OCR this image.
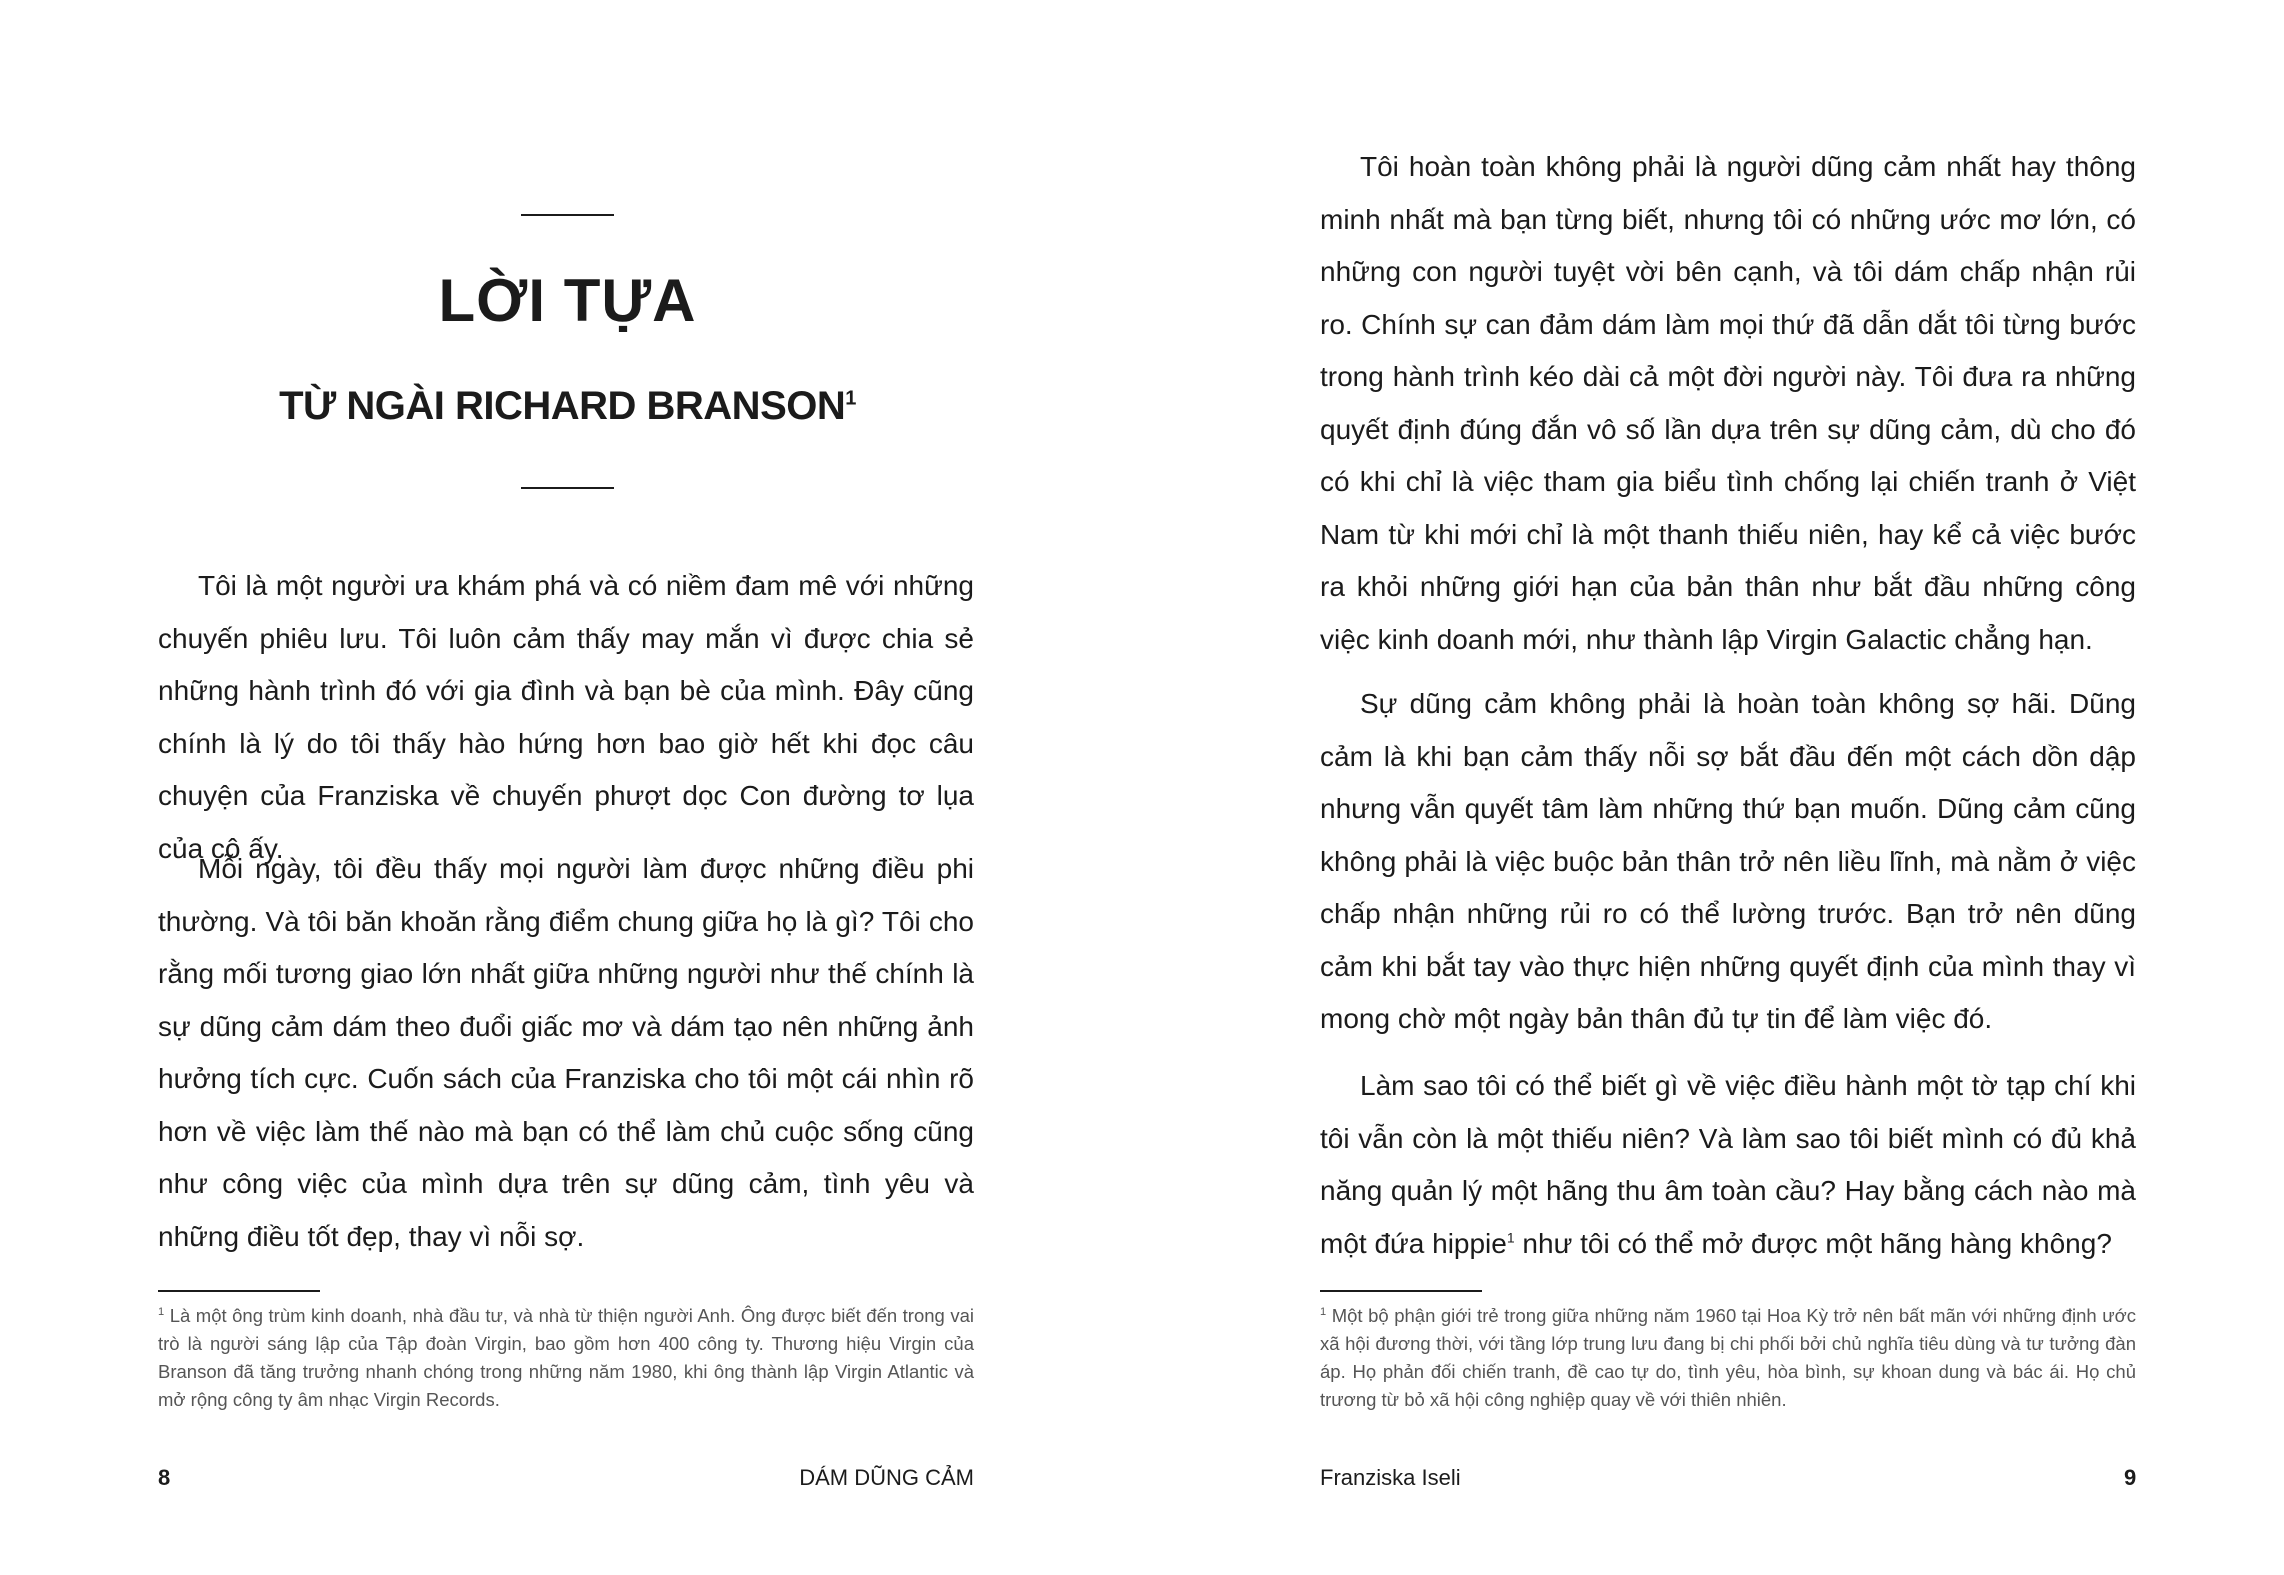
LỜI TỰA
TỪ NGÀI RICHARD BRANSON$^1$

Tôi là một người ưa khám phá và có niềm đam mê với những chuyến phiêu lưu. Tôi luôn cảm thấy may mắn vì được chia sẻ những hành trình đó với gia đình và bạn bè của mình. Đây cũng chính là lý do tôi thấy hào hứng hơn bao giờ hết khi đọc câu chuyện của Franziska về chuyến phượt dọc Con đường tơ lụa của cô ấy.

Mỗi ngày, tôi đều thấy mọi người làm được những điều phi thường. Và tôi băn khoăn rằng điểm chung giữa họ là gì? Tôi cho rằng mối tương giao lớn nhất giữa những người như thế chính là sự dũng cảm dám theo đuổi giấc mơ và dám tạo nên những ảnh hưởng tích cực. Cuốn sách của Franziska cho tôi một cái nhìn rõ hơn về việc làm thế nào mà bạn có thể làm chủ cuộc sống cũng như công việc của mình dựa trên sự dũng cảm, tình yêu và những điều tốt đẹp, thay vì nỗi sợ.

$^1$ Là một ông trùm kinh doanh, nhà đầu tư, và nhà từ thiện người Anh. Ông được biết đến trong vai trò là người sáng lập của Tập đoàn Virgin, bao gồm hơn 400 công ty. Thương hiệu Virgin của Branson đã tăng trưởng nhanh chóng trong những năm 1980, khi ông thành lập Virgin Atlantic và mở rộng công ty âm nhạc Virgin Records.

8	DÁM DŨNG CẢM

Tôi hoàn toàn không phải là người dũng cảm nhất hay thông minh nhất mà bạn từng biết, nhưng tôi có những ước mơ lớn, có những con người tuyệt vời bên cạnh, và tôi dám chấp nhận rủi ro. Chính sự can đảm dám làm mọi thứ đã dẫn dắt tôi từng bước trong hành trình kéo dài cả một đời người này. Tôi đưa ra những quyết định đúng đắn vô số lần dựa trên sự dũng cảm, dù cho đó có khi chỉ là việc tham gia biểu tình chống lại chiến tranh ở Việt Nam từ khi mới chỉ là một thanh thiếu niên, hay kể cả việc bước ra khỏi những giới hạn của bản thân như bắt đầu những công việc kinh doanh mới, như thành lập Virgin Galactic chẳng hạn.

Sự dũng cảm không phải là hoàn toàn không sợ hãi. Dũng cảm là khi bạn cảm thấy nỗi sợ bắt đầu đến một cách dồn dập nhưng vẫn quyết tâm làm những thứ bạn muốn. Dũng cảm cũng không phải là việc buộc bản thân trở nên liều lĩnh, mà nằm ở việc chấp nhận những rủi ro có thể lường trước. Bạn trở nên dũng cảm khi bắt tay vào thực hiện những quyết định của mình thay vì mong chờ một ngày bản thân đủ tự tin để làm việc đó.

Làm sao tôi có thể biết gì về việc điều hành một tờ tạp chí khi tôi vẫn còn là một thiếu niên? Và làm sao tôi biết mình có đủ khả năng quản lý một hãng thu âm toàn cầu? Hay bằng cách nào mà một đứa hippie$^1$ như tôi có thể mở được một hãng hàng không?

$^1$ Một bộ phận giới trẻ trong giữa những năm 1960 tại Hoa Kỳ trở nên bất mãn với những định ước xã hội đương thời, với tầng lớp trung lưu đang bị chi phối bởi chủ nghĩa tiêu dùng và tư tưởng đàn áp. Họ phản đối chiến tranh, đề cao tự do, tình yêu, hòa bình, sự khoan dung và bác ái. Họ chủ trương từ bỏ xã hội công nghiệp quay về với thiên nhiên.

Franziska Iseli	9
